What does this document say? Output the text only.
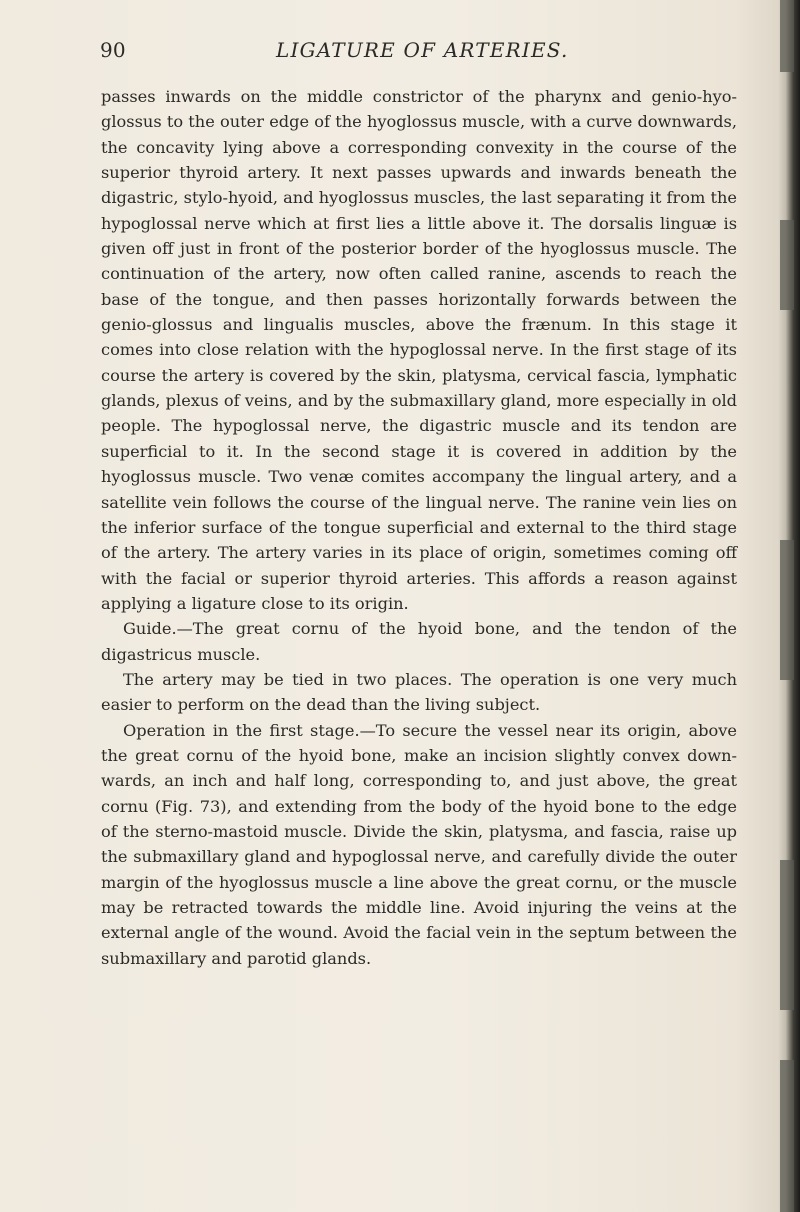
90	LIGATURE OF ARTERIES.

passes inwards on the middle constrictor of the pharynx and genio-hyo-glossus to the outer edge of the hyoglossus muscle, with a curve downwards, the concavity lying above a corresponding convexity in the course of the superior thyroid artery. It next passes upwards and inwards beneath the digastric, stylo-hyoid, and hyoglossus muscles, the last separating it from the hypoglossal nerve which at first lies a little above it. The dorsalis linguæ is given off just in front of the posterior border of the hyoglossus muscle. The continuation of the artery, now often called ranine, ascends to reach the base of the tongue, and then passes horizontally forwards between the genio-glossus and lingualis muscles, above the frænum. In this stage it comes into close relation with the hypoglossal nerve. In the first stage of its course the artery is covered by the skin, platysma, cervical fascia, lymphatic glands, plexus of veins, and by the submaxillary gland, more especially in old people. The hypoglossal nerve, the digastric muscle and its tendon are superficial to it. In the second stage it is covered in addition by the hyoglossus muscle. Two venæ comites accompany the lingual artery, and a satellite vein follows the course of the lingual nerve. The ranine vein lies on the inferior surface of the tongue superficial and external to the third stage of the artery. The artery varies in its place of origin, sometimes coming off with the facial or superior thyroid arteries. This affords a reason against applying a ligature close to its origin.

Guide.—The great cornu of the hyoid bone, and the tendon of the digastricus muscle.

The artery may be tied in two places. The operation is one very much easier to perform on the dead than the living subject.

Operation in the first stage.—To secure the vessel near its origin, above the great cornu of the hyoid bone, make an incision slightly convex down-wards, an inch and half long, corresponding to, and just above, the great cornu (Fig. 73), and extending from the body of the hyoid bone to the edge of the sterno-mastoid muscle. Divide the skin, platysma, and fascia, raise up the submaxillary gland and hypoglossal nerve, and carefully divide the outer margin of the hyoglossus muscle a line above the great cornu, or the muscle may be retracted towards the middle line. Avoid injuring the veins at the external angle of the wound. Avoid the facial vein in the septum between the submaxillary and parotid glands.
